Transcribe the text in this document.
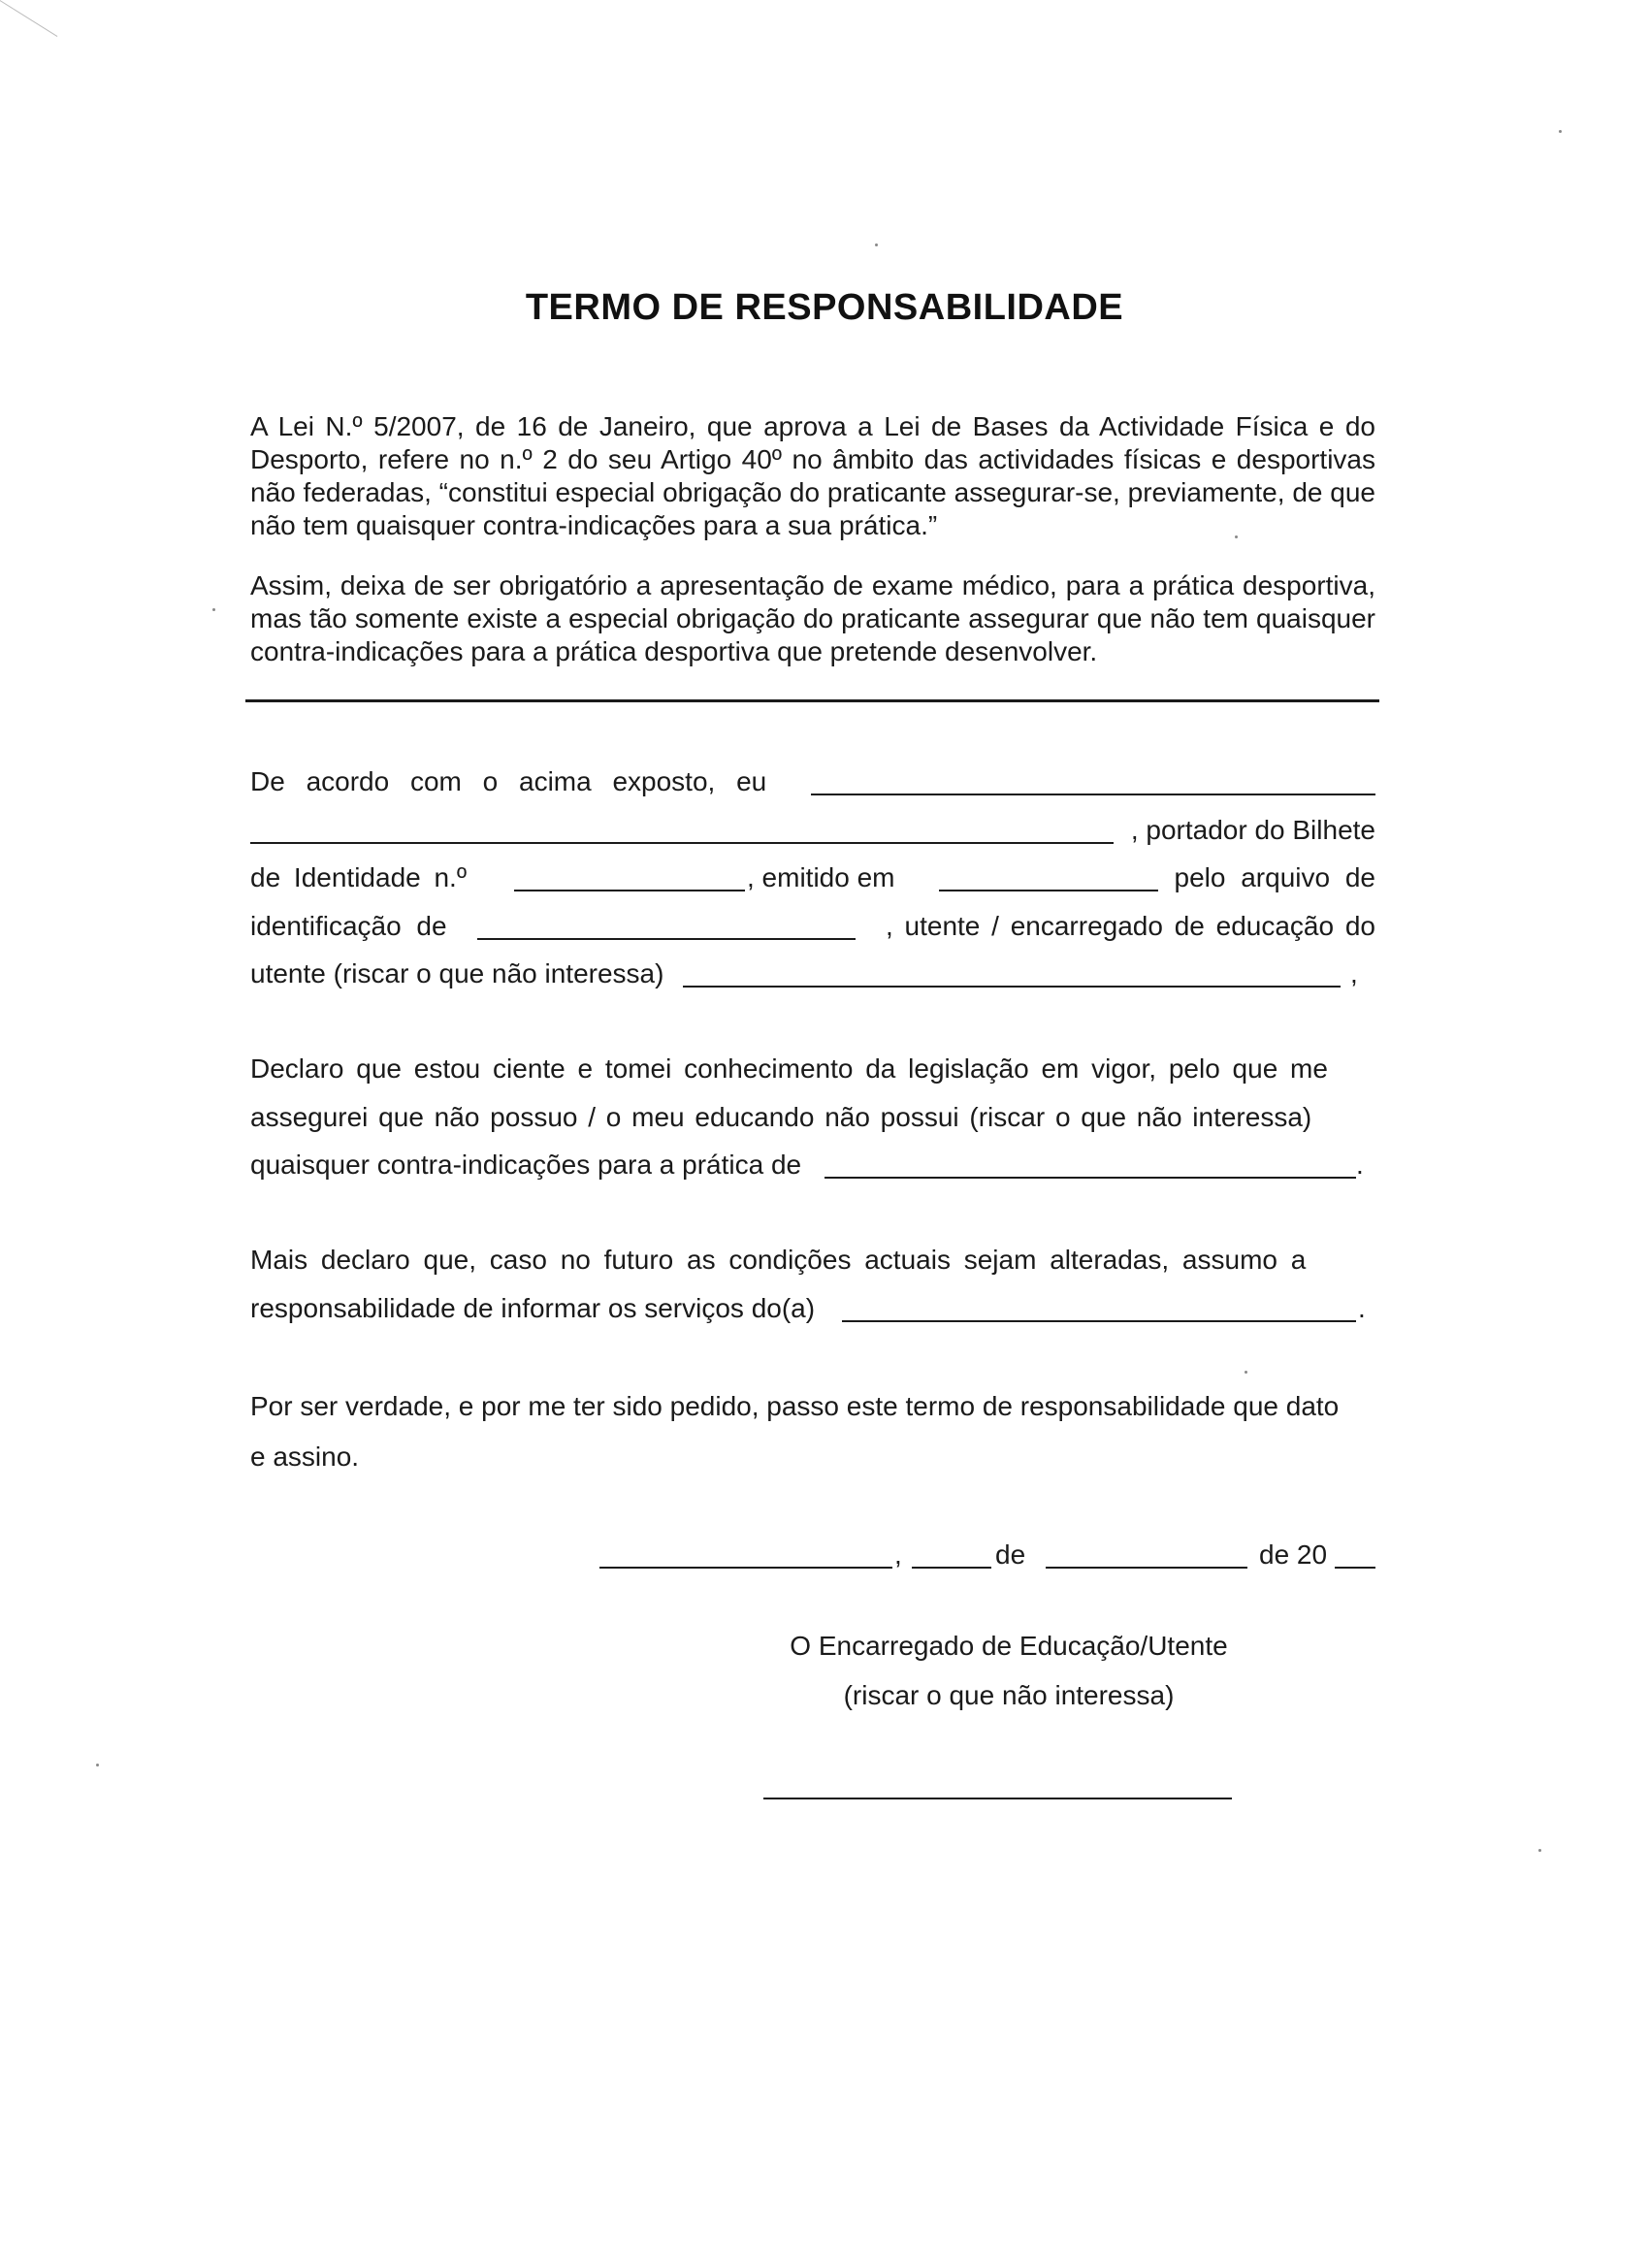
TERMO DE RESPONSABILIDADE
A Lei N.º 5/2007, de 16 de Janeiro, que aprova a Lei de Bases da Actividade Física e do Desporto, refere no n.º 2 do seu Artigo 40º no âmbito das actividades físicas e desportivas não federadas, “constitui especial obrigação do praticante assegurar-se, previamente, de que não tem quaisquer contra-indicações para a sua prática.”
Assim, deixa de ser obrigatório a apresentação de exame médico, para a prática desportiva, mas tão somente existe a especial obrigação do praticante assegurar que não tem quaisquer contra-indicações para a prática desportiva que pretende desenvolver.
De acordo com o acima exposto, eu
, portador do Bilhete
de Identidade n.º	, emitido em	pelo arquivo de
identificação de	, utente / encarregado de educação do
utente (riscar o que não interessa)	,
Declaro que estou ciente e tomei conhecimento da legislação em vigor, pelo que me
assegurei que não possuo / o meu educando não possui (riscar o que não interessa)
quaisquer contra-indicações para a prática de	.
Mais declaro que, caso no futuro as condições actuais sejam alteradas, assumo a
responsabilidade de informar os serviços do(a)	.
Por ser verdade, e por me ter sido pedido, passo este termo de responsabilidade que dato
e assino.
,	de	de 20
O Encarregado de Educação/Utente
(riscar o que não interessa)
